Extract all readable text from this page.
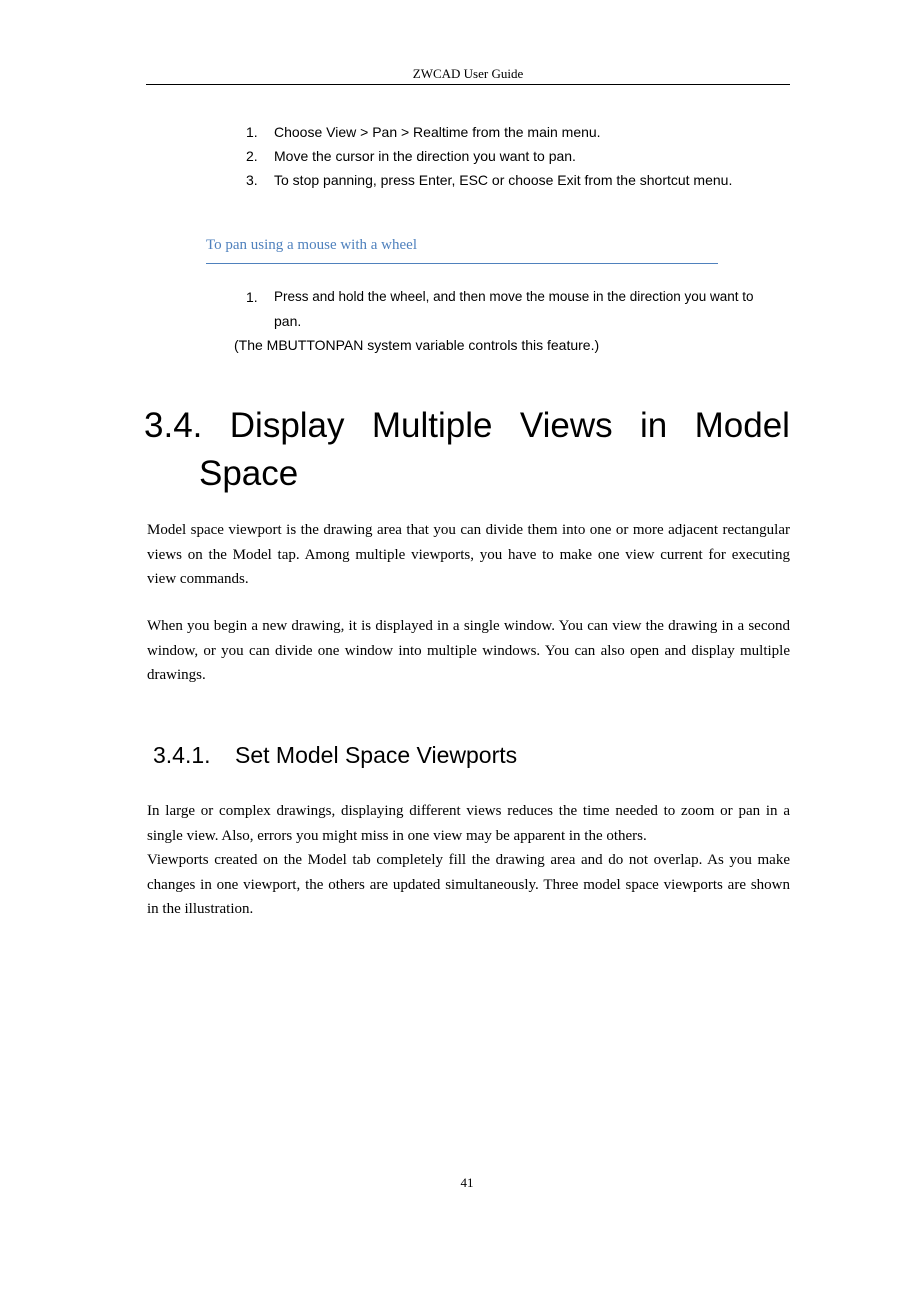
ZWCAD User Guide
1. Choose View > Pan > Realtime from the main menu.
2. Move the cursor in the direction you want to pan.
3. To stop panning, press Enter, ESC or choose Exit from the shortcut menu.
To pan using a mouse with a wheel
1. Press and hold the wheel, and then move the mouse in the direction you want to
pan.
(The MBUTTONPAN system variable controls this feature.)
3.4. Display Multiple Views in Model
Space
Model space viewport is the drawing area that you can divide them into one or more adjacent rectangular views on the Model tap. Among multiple viewports, you have to make one view current for executing view commands.
When you begin a new drawing, it is displayed in a single window. You can view the drawing in a second window, or you can divide one window into multiple windows. You can also open and display multiple drawings.
3.4.1. Set Model Space Viewports
In large or complex drawings, displaying different views reduces the time needed to zoom or pan in a single view. Also, errors you might miss in one view may be apparent in the others.
Viewports created on the Model tab completely fill the drawing area and do not overlap. As you make changes in one viewport, the others are updated simultaneously. Three model space viewports are shown in the illustration.
41
